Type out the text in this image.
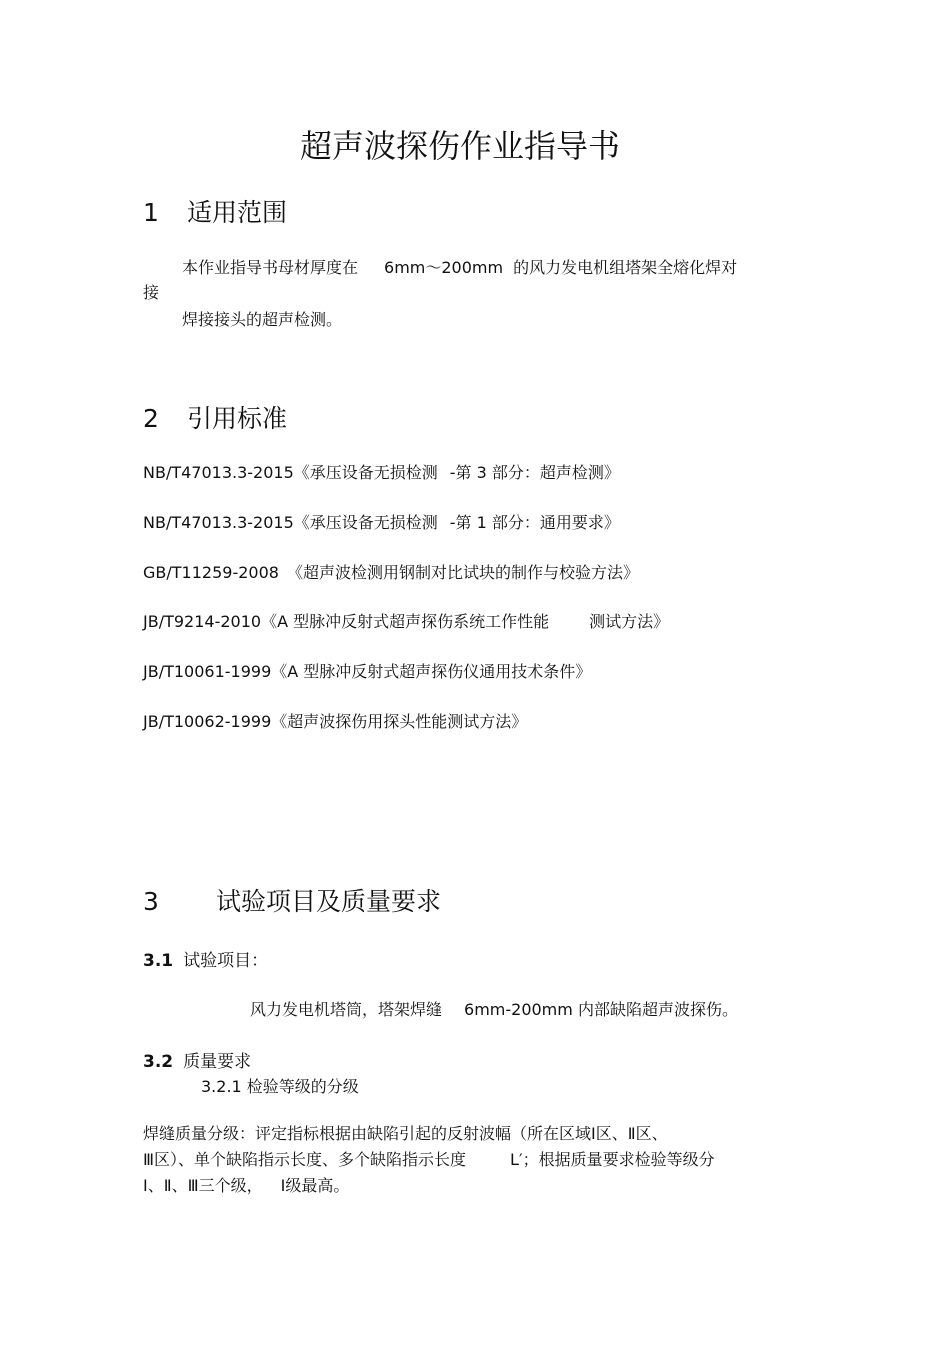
超声波探伤作业指导书
1 适用范围
本作业指导书母材厚度在 6mm～200mm 的风力发电机组塔架全熔化焊对
接
焊接接头的超声检测。
2 引用标准
NB/T47013.3-2015《承压设备无损检测 -第 3 部分：超声检测》
NB/T47013.3-2015《承压设备无损检测 -第 1 部分：通用要求》
GB/T11259-2008 《超声波检测用钢制对比试块的制作与校验方法》
JB/T9214-2010《A 型脉冲反射式超声探伤系统工作性能	测试方法》
JB/T10061-1999《A 型脉冲反射式超声探伤仪通用技术条件》
JB/T10062-1999《超声波探伤用探头性能测试方法》
3 试验项目及质量要求
3.1 试验项目：
风力发电机塔筒，塔架焊缝 6mm-200mm 内部缺陷超声波探伤。
3.2 质量要求
3.2.1 检验等级的分级
焊缝质量分级：评定指标根据由缺陷引起的反射波幅（所在区域Ⅰ区、Ⅱ区、
Ⅲ区）、单个缺陷指示长度、多个缺陷指示长度	L′；根据质量要求检验等级分
Ⅰ、Ⅱ、Ⅲ三个级， Ⅰ级最高。
